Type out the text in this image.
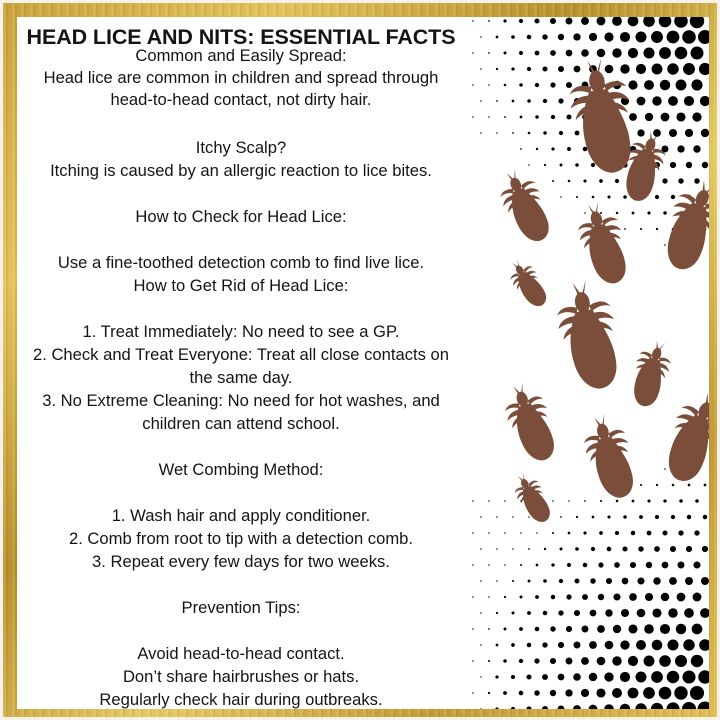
HEAD LICE AND NITS: ESSENTIAL FACTS
Common and Easily Spread:
Head lice are common in children and spread through
head-to-head contact, not dirty hair.
Itchy Scalp?
Itching is caused by an allergic reaction to lice bites.
How to Check for Head Lice:
Use a fine-toothed detection comb to find live lice.
How to Get Rid of Head Lice:
1. Treat Immediately: No need to see a GP.
2. Check and Treat Everyone: Treat all close contacts on
the same day.
3. No Extreme Cleaning: No need for hot washes, and
children can attend school.
Wet Combing Method:
1. Wash hair and apply conditioner.
2. Comb from root to tip with a detection comb.
3. Repeat every few days for two weeks.
Prevention Tips:
Avoid head-to-head contact.
Don’t share hairbrushes or hats.
Regularly check hair during outbreaks.
